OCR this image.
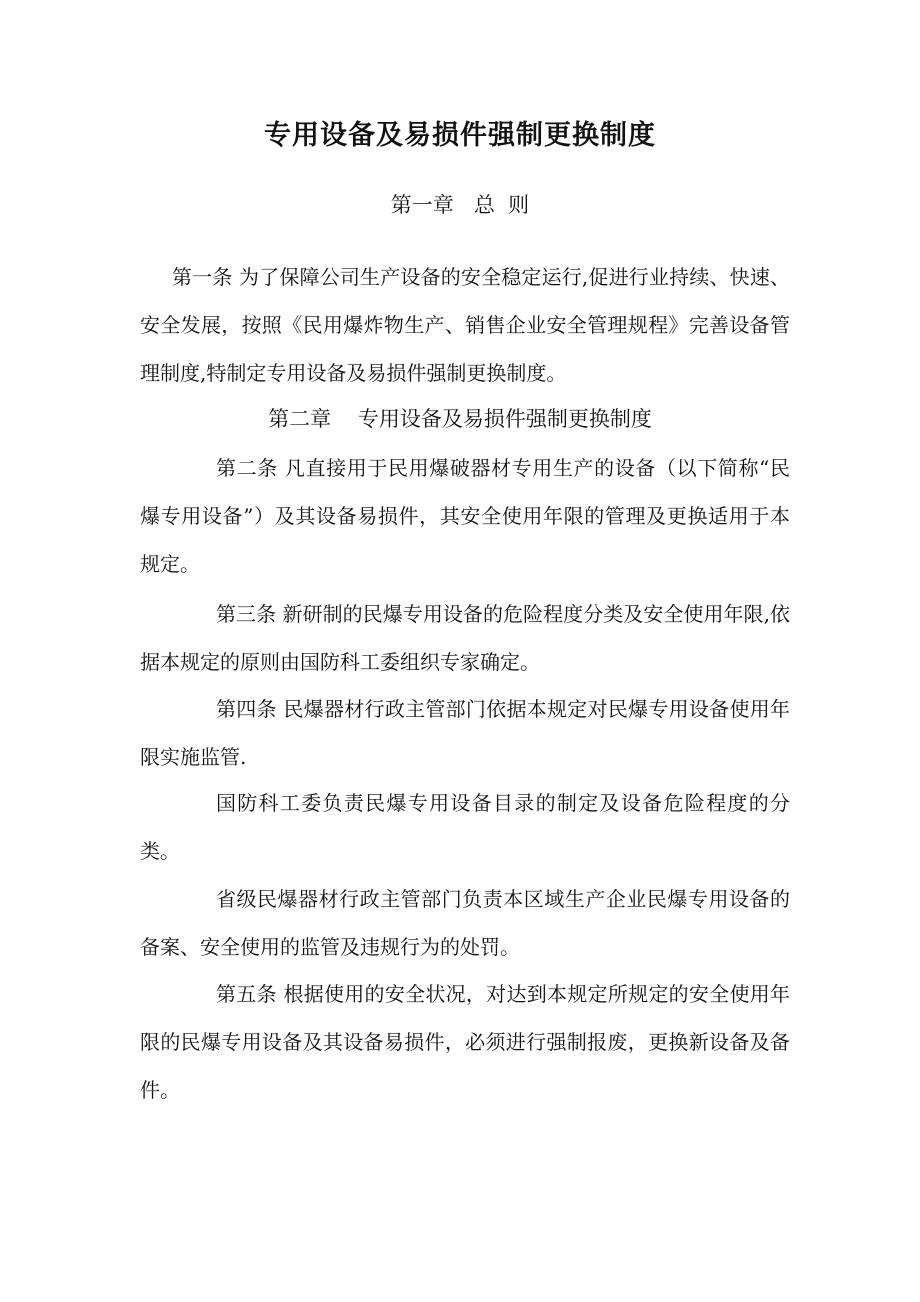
专用设备及易损件强制更换制度

第一章   总  则

第一条 为了保障公司生产设备的安全稳定运行,促进行业持续、快速、安全发展，按照《民用爆炸物生产、销售企业安全管理规程》完善设备管理制度,特制定专用设备及易损件强制更换制度。

第二章    专用设备及易损件强制更换制度

第二条 凡直接用于民用爆破器材专用生产的设备（以下简称“民爆专用设备”）及其设备易损件，其安全使用年限的管理及更换适用于本规定。

第三条 新研制的民爆专用设备的危险程度分类及安全使用年限,依据本规定的原则由国防科工委组织专家确定。

第四条 民爆器材行政主管部门依据本规定对民爆专用设备使用年限实施监管.

国防科工委负责民爆专用设备目录的制定及设备危险程度的分类。

省级民爆器材行政主管部门负责本区域生产企业民爆专用设备的备案、安全使用的监管及违规行为的处罚。

第五条 根据使用的安全状况，对达到本规定所规定的安全使用年限的民爆专用设备及其设备易损件，必须进行强制报废，更换新设备及备件。
